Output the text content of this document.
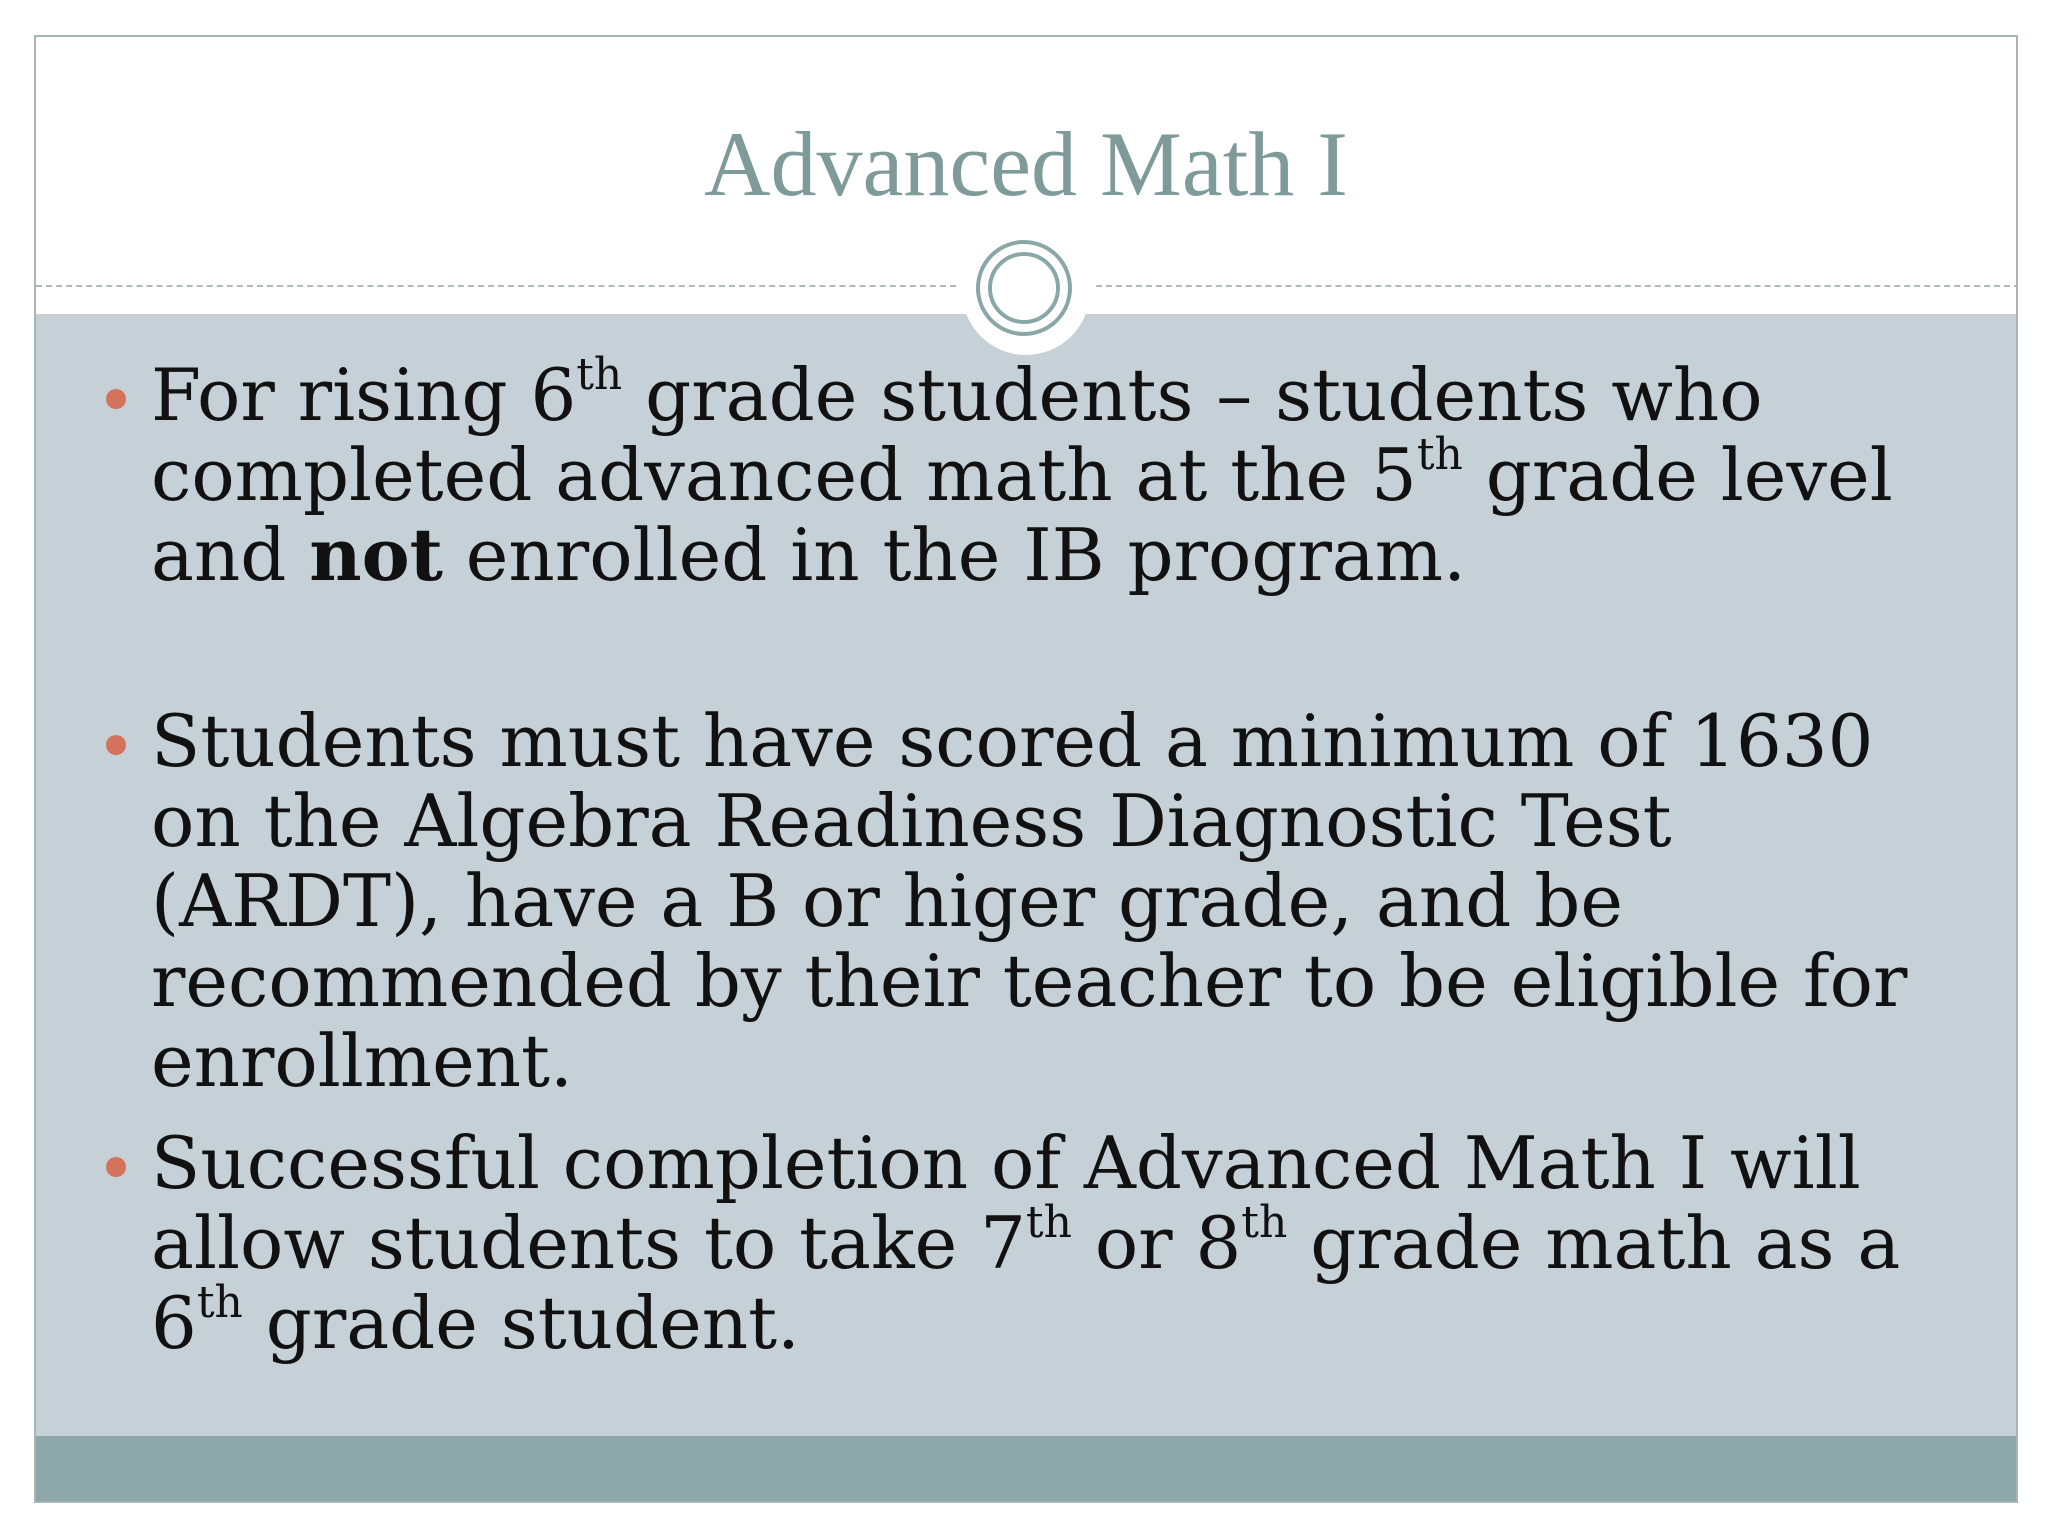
Advanced Math I
For rising 6th grade students – students who completed advanced math at the 5th grade level and not enrolled in the IB program.
Students must have scored a minimum of 1630 on the Algebra Readiness Diagnostic Test (ARDT), have a B or higer grade, and be recommended by their teacher to be eligible for enrollment.
Successful completion of Advanced Math I will allow students to take 7th or 8th grade math as a 6th grade student.
